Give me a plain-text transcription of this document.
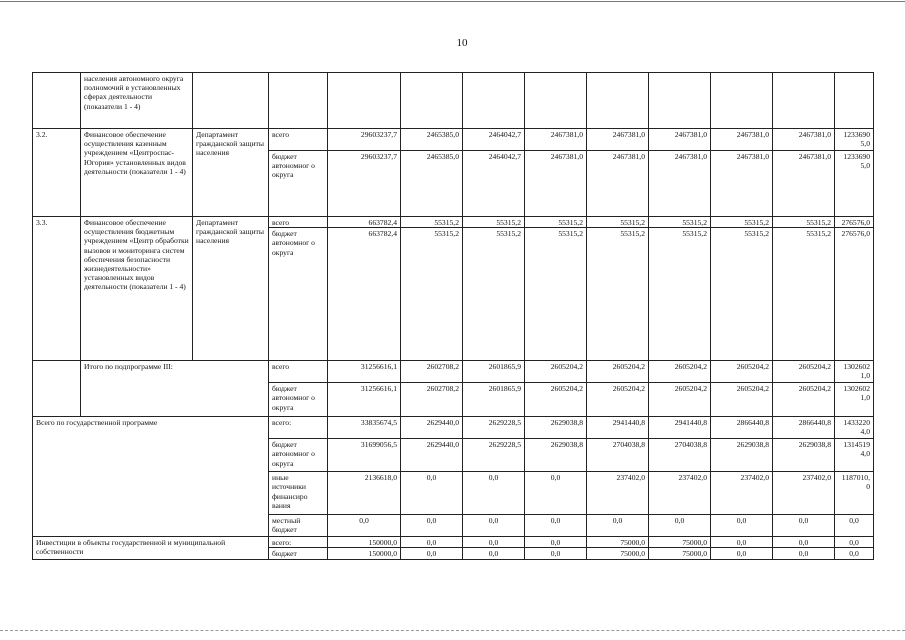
10
	населения автономного округа полномочий в установленных сферах деятельности (показатели 1 - 4)											
3.2.	Финансовое обеспечение осуществления казенным учреждением «Центроспас-Югория» установленных видов деятельности (показатели 1 - 4)	Департамент гражданской защиты населения	всего	29603237,7	2465385,0	2464042,7	2467381,0	2467381,0	2467381,0	2467381,0	2467381,0	1233690 5,0
			бюджет автономног о округа	29603237,7	2465385,0	2464042,7	2467381,0	2467381,0	2467381,0	2467381,0	2467381,0	1233690 5,0
3.3.	Финансовое обеспечение осуществления бюджетным учреждением «Центр обработки вызовов и мониторинга систем обеспечения безопасности жизнедеятельности» установленных видов деятельности (показатели 1 - 4)	Департамент гражданской защиты населения	всего	663782,4	55315,2	55315,2	55315,2	55315,2	55315,2	55315,2	55315,2	276576,0
			бюджет автономног о округа	663782,4	55315,2	55315,2	55315,2	55315,2	55315,2	55315,2	55315,2	276576,0
	Итого по подпрограмме III:		всего	31256616,1	2602708,2	2601865,9	2605204,2	2605204,2	2605204,2	2605204,2	2605204,2	1302602 1,0
			бюджет автономног о округа	31256616,1	2602708,2	2601865,9	2605204,2	2605204,2	2605204,2	2605204,2	2605204,2	1302602 1,0
Всего по государственной программе			всего:	33835674,5	2629440,0	2629228,5	2629038,8	2941440,8	2941440,8	2866440,8	2866440,8	1433220 4,0
			бюджет автономног о округа	31699056,5	2629440,0	2629228,5	2629038,8	2704038,8	2704038,8	2629038,8	2629038,8	1314519 4,0
			иные источники финансиро вания	2136618,0	0,0	0,0	0,0	237402,0	237402,0	237402,0	237402,0	1187010, 0
			местный бюджет	0,0	0,0	0,0	0,0	0,0	0,0	0,0	0,0	0,0
Инвестиции в объекты государственной и муниципальной собственности			всего:	150000,0	0,0	0,0	0,0	75000,0	75000,0	0,0	0,0	0,0
			бюджет	150000,0	0,0	0,0	0,0	75000,0	75000,0	0,0	0,0	0,0
